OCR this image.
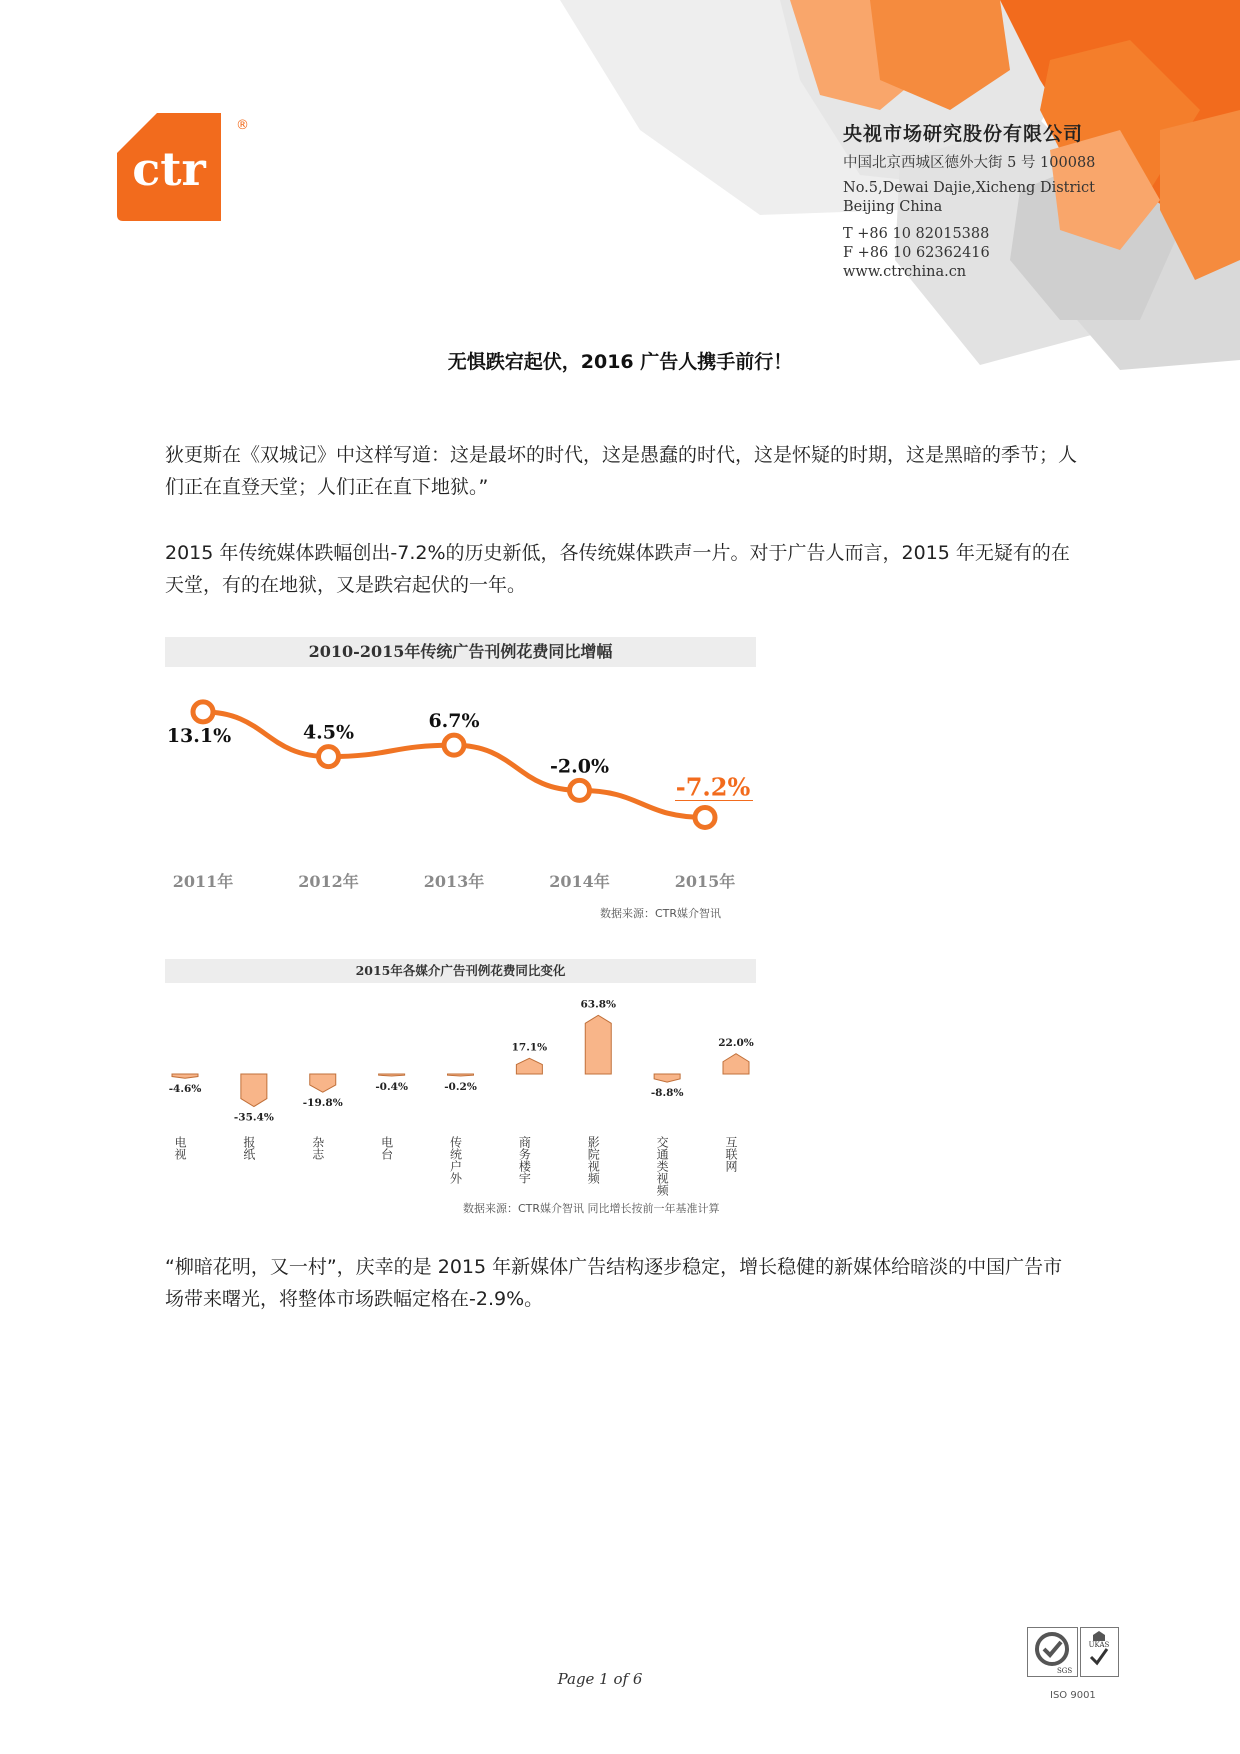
ctr
®	央视市场研究股份有限公司
中国北京西城区德外大街 5 号 100088
No.5,Dewai Dajie,Xicheng District
Beijing China
T +86 10 82015388
F +86 10 62362416
www.ctrchina.cn
无惧跌宕起伏，2016 广告人携手前行！

狄更斯在《双城记》中这样写道：这是最坏的时代，这是愚蠢的时代，这是怀疑的时期，这是黑暗的季节；人们正在直登天堂；人们正在直下地狱。”

2015 年传统媒体跌幅创出-7.2%的历史新低，各传统媒体跌声一片。对于广告人而言，2015 年无疑有的在天堂，有的在地狱，又是跌宕起伏的一年。

2010-2015年传统广告刊例花费同比增幅
13.1%	4.5%
6.7%
-2.0%
-7.2%
2011年	2012年	2013年	2014年	2015年
数据来源：CTR媒介智讯
2015年各媒介广告刊例花费同比变化
-4.6%
电视
-35.4%
报纸
-19.8%
杂志
-0.4%
电台
-0.2%
传统户外
17.1%
商务楼宇
63.8%
影院视频
-8.8%
交通类视频
22.0%
互联网
数据来源：CTR媒介智讯 同比增长按前一年基准计算

“柳暗花明，又一村”，庆幸的是 2015 年新媒体广告结构逐步稳定，增长稳健的新媒体给暗淡的中国广告市场带来曙光，将整体市场跌幅定格在-2.9%。

Page 1 of 6	SGS
UKAS
ISO 9001
